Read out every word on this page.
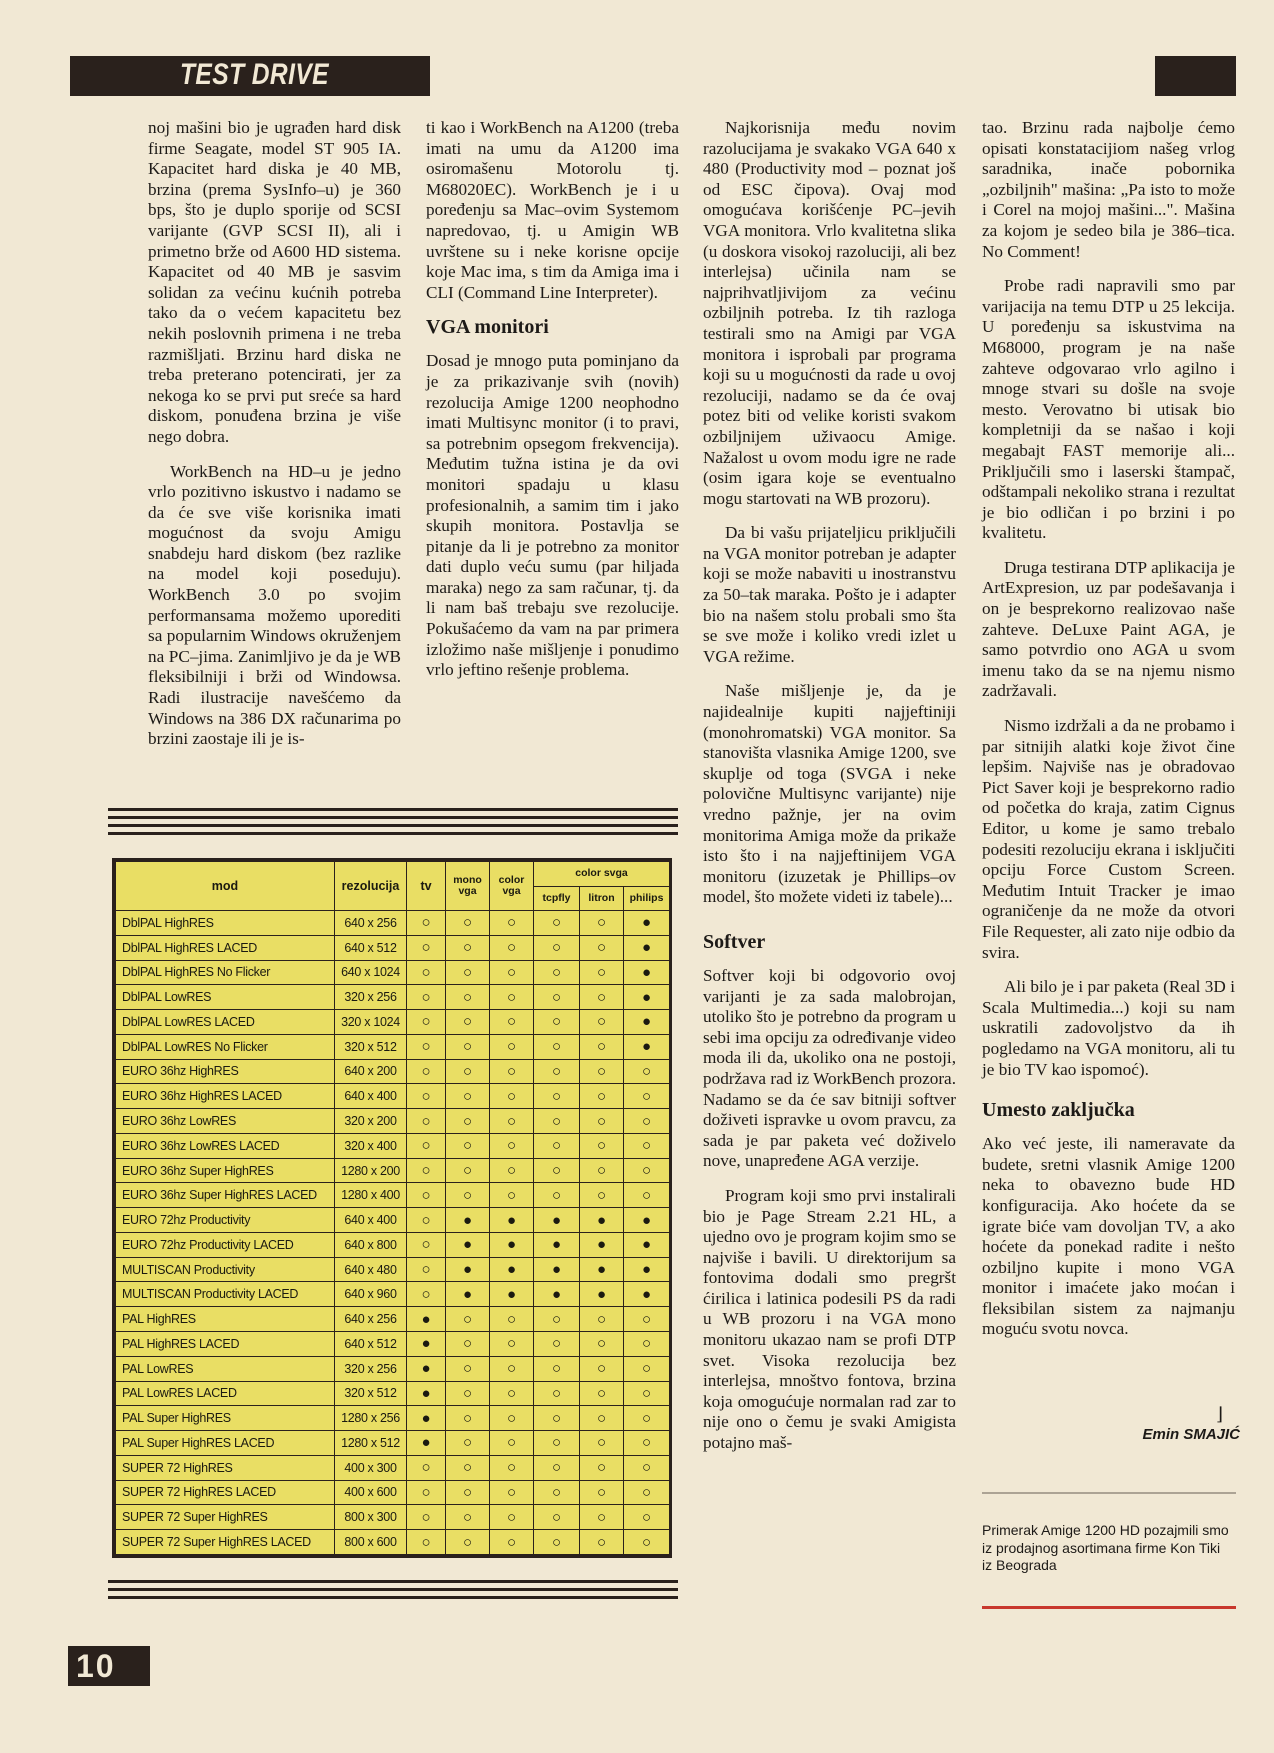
TEST DRIVE

noj mašini bio je ugrađen hard disk firme Seagate, model ST 905 IA. Kapacitet hard diska je 40 MB, brzina (prema SysInfo–u) je 360 bps, što je duplo sporije od SCSI varijante (GVP SCSI II), ali i primetno brže od A600 HD sistema. Kapacitet od 40 MB je sasvim solidan za većinu kućnih potreba tako da o većem kapacitetu bez nekih poslovnih primena i ne treba razmišljati. Brzinu hard diska ne treba preterano potencirati, jer za nekoga ko se prvi put sreće sa hard diskom, ponuđena brzina je više nego dobra.

WorkBench na HD–u je jedno vrlo pozitivno iskustvo i nadamo se da će sve više korisnika imati mogućnost da svoju Amigu snabdeju hard diskom (bez razlike na model koji poseduju). WorkBench 3.0 po svojim performansama možemo uporediti sa popularnim Windows okruženjem na PC–jima. Zanimljivo je da je WB fleksibilniji i brži od Windowsa. Radi ilustracije navešćemo da Windows na 386 DX računarima po brzini zaostaje ili je is-

ti kao i WorkBench na A1200 (treba imati na umu da A1200 ima osiromašenu Motorolu tj. M68020EC). WorkBench je i u poređenju sa Mac–ovim Systemom napredovao, tj. u Amigin WB uvrštene su i neke korisne opcije koje Mac ima, s tim da Amiga ima i CLI (Command Line Interpreter).

VGA monitori

Dosad je mnogo puta pominjano da je za prikazivanje svih (novih) rezolucija Amige 1200 neophodno imati Multisync monitor (i to pravi, sa potrebnim opsegom frekvencija). Međutim tužna istina je da ovi monitori spadaju u klasu profesionalnih, a samim tim i jako skupih monitora. Postavlja se pitanje da li je potrebno za monitor dati duplo veću sumu (par hiljada maraka) nego za sam računar, tj. da li nam baš trebaju sve rezolucije. Pokušaćemo da vam na par primera izložimo naše mišljenje i ponudimo vrlo jeftino rešenje problema.

mod	rezolucija	tv	mono vga	color vga	color svga		
					tcpfly	litron	philips
DblPAL HighRES	640 x 256	○	○	○	○	○	●
DblPAL HighRES LACED	640 x 512	○	○	○	○	○	●
DblPAL HighRES No Flicker	640 x 1024	○	○	○	○	○	●
DblPAL LowRES	320 x 256	○	○	○	○	○	●
DblPAL LowRES LACED	320 x 1024	○	○	○	○	○	●
DblPAL LowRES No Flicker	320 x 512	○	○	○	○	○	●
EURO 36hz HighRES	640 x 200	○	○	○	○	○	○
EURO 36hz HighRES LACED	640 x 400	○	○	○	○	○	○
EURO 36hz LowRES	320 x 200	○	○	○	○	○	○
EURO 36hz LowRES LACED	320 x 400	○	○	○	○	○	○
EURO 36hz Super HighRES	1280 x 200	○	○	○	○	○	○
EURO 36hz Super HighRES LACED	1280 x 400	○	○	○	○	○	○
EURO 72hz Productivity	640 x 400	○	●	●	●	●	●
EURO 72hz Productivity LACED	640 x 800	○	●	●	●	●	●
MULTISCAN Productivity	640 x 480	○	●	●	●	●	●
MULTISCAN Productivity LACED	640 x 960	○	●	●	●	●	●
PAL HighRES	640 x 256	●	○	○	○	○	○
PAL HighRES LACED	640 x 512	●	○	○	○	○	○
PAL LowRES	320 x 256	●	○	○	○	○	○
PAL LowRES LACED	320 x 512	●	○	○	○	○	○
PAL Super HighRES	1280 x 256	●	○	○	○	○	○
PAL Super HighRES LACED	1280 x 512	●	○	○	○	○	○
SUPER 72 HighRES	400 x 300	○	○	○	○	○	○
SUPER 72 HighRES LACED	400 x 600	○	○	○	○	○	○
SUPER 72 Super HighRES	800 x 300	○	○	○	○	○	○
SUPER 72 Super HighRES LACED	800 x 600	○	○	○	○	○	○

Najkorisnija među novim razolucijama je svakako VGA 640 x 480 (Productivity mod – poznat još od ESC čipova). Ovaj mod omogućava korišćenje PC–jevih VGA monitora. Vrlo kvalitetna slika (u doskora visokoj razoluciji, ali bez interlejsa) učinila nam se najprihvatljivijom za većinu ozbiljnih potreba. Iz tih razloga testirali smo na Amigi par VGA monitora i isprobali par programa koji su u mogućnosti da rade u ovoj rezoluciji, nadamo se da će ovaj potez biti od velike koristi svakom ozbiljnijem uživaocu Amige. Nažalost u ovom modu igre ne rade (osim igara koje se eventualno mogu startovati na WB prozoru).

Da bi vašu prijateljicu priključili na VGA monitor potreban je adapter koji se može nabaviti u inostranstvu za 50–tak maraka. Pošto je i adapter bio na našem stolu probali smo šta se sve može i koliko vredi izlet u VGA režime.

Naše mišljenje je, da je najidealnije kupiti najjeftiniji (monohromatski) VGA monitor. Sa stanovišta vlasnika Amige 1200, sve skuplje od toga (SVGA i neke polovične Multisync varijante) nije vredno pažnje, jer na ovim monitorima Amiga može da prikaže isto što i na najjeftinijem VGA monitoru (izuzetak je Phillips–ov model, što možete videti iz tabele)...

Softver

Softver koji bi odgovorio ovoj varijanti je za sada malobrojan, utoliko što je potrebno da program u sebi ima opciju za određivanje video moda ili da, ukoliko ona ne postoji, podržava rad iz WorkBench prozora. Nadamo se da će sav bitniji softver doživeti ispravke u ovom pravcu, za sada je par paketa već doživelo nove, unapređene AGA verzije.

Program koji smo prvi instalirali bio je Page Stream 2.21 HL, a ujedno ovo je program kojim smo se najviše i bavili. U direktorijum sa fontovima dodali smo pregršt ćirilica i latinica podesili PS da radi u WB prozoru i na VGA mono monitoru ukazao nam se profi DTP svet. Visoka rezolucija bez interlejsa, mnoštvo fontova, brzina koja omogućuje normalan rad zar to nije ono o čemu je svaki Amigista potajno maš-

tao. Brzinu rada najbolje ćemo opisati konstatacijiom našeg vrlog saradnika, inače pobornika „ozbiljnih" mašina: „Pa isto to može i Corel na mojoj mašini...". Mašina za kojom je sedeo bila je 386–tica. No Comment!

Probe radi napravili smo par varijacija na temu DTP u 25 lekcija. U poređenju sa iskustvima na M68000, program je na naše zahteve odgovarao vrlo agilno i mnoge stvari su došle na svoje mesto. Verovatno bi utisak bio kompletniji da se našao i koji megabajt FAST memorije ali... Priključili smo i laserski štampač, odštampali nekoliko strana i rezultat je bio odličan i po brzini i po kvalitetu.

Druga testirana DTP aplikacija je ArtExpresion, uz par podešavanja i on je besprekorno realizovao naše zahteve. DeLuxe Paint AGA, je samo potvrdio ono AGA u svom imenu tako da se na njemu nismo zadržavali.

Nismo izdržali a da ne probamo i par sitnijih alatki koje život čine lepšim. Najviše nas je obradovao Pict Saver koji je besprekorno radio od početka do kraja, zatim Cignus Editor, u kome je samo trebalo podesiti rezoluciju ekrana i isključiti opciju Force Custom Screen. Međutim Intuit Tracker je imao ograničenje da ne može da otvori File Requester, ali zato nije odbio da svira.

Ali bilo je i par paketa (Real 3D i Scala Multimedia...) koji su nam uskratili zadovoljstvo da ih pogledamo na VGA monitoru, ali tu je bio TV kao ispomoć).

Umesto zaključka

Ako već jeste, ili nameravate da budete, sretni vlasnik Amige 1200 neka to obavezno bude HD konfiguracija. Ako hoćete da se igrate biće vam dovoljan TV, a ako hoćete da ponekad radite i nešto ozbiljno kupite i mono VGA monitor i imaćete jako moćan i fleksibilan sistem za najmanju moguću svotu novca.

⌋
Emin SMAJIĆ
Primerak Amige 1200 HD pozajmili smo iz prodajnog asortimana firme Kon Tiki iz Beograda
10
